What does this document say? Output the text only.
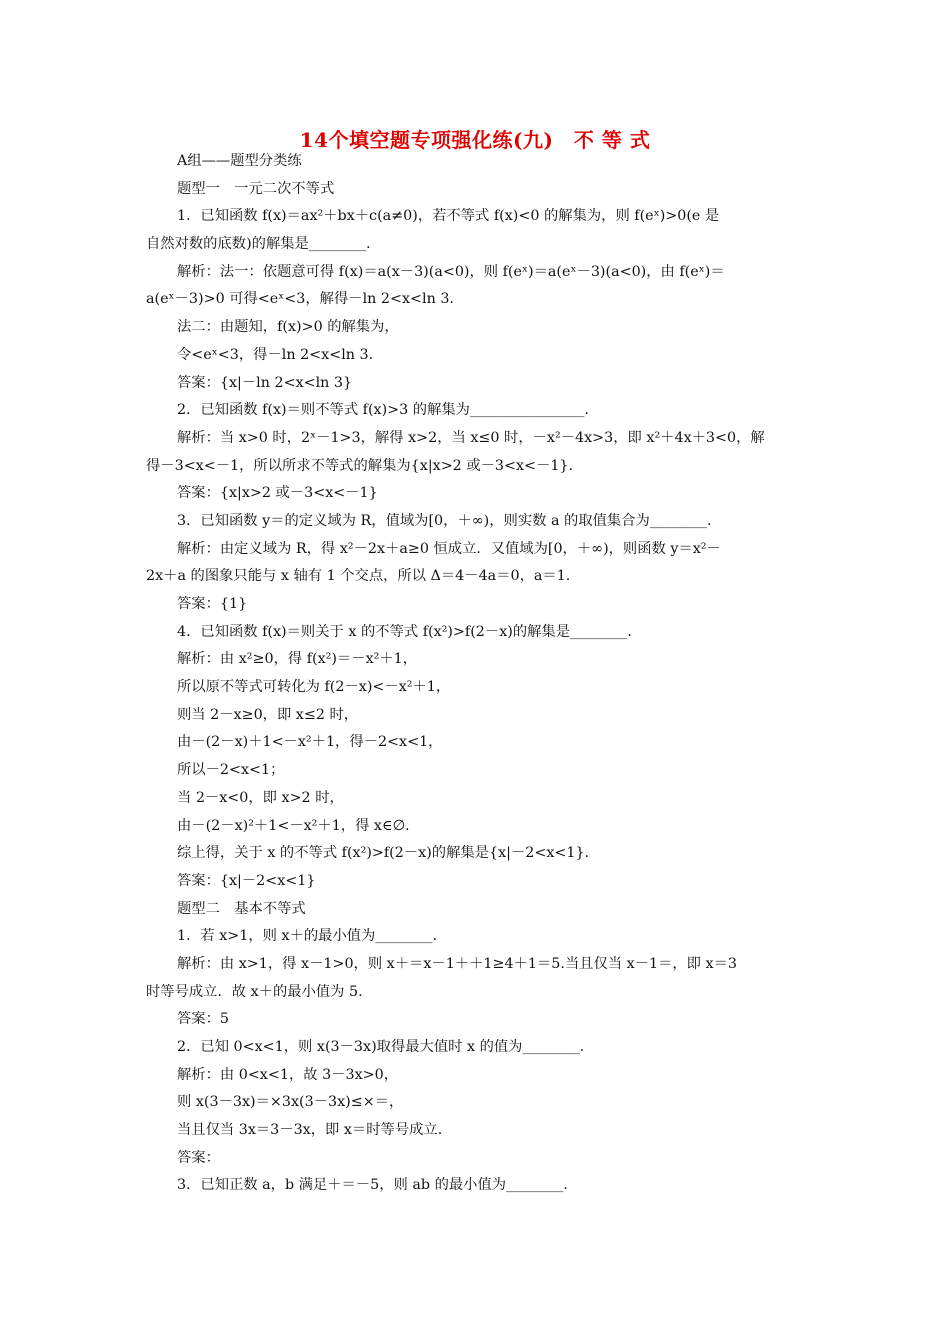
14个填空题专项强化练(九)　不 等 式
A组——题型分类练
题型一　一元二次不等式
1．已知函数 f(x)＝ax²＋bx＋c(a≠0)，若不等式 f(x)<0 的解集为，则 f(eˣ)>0(e 是
自然对数的底数)的解集是________.
解析：法一：依题意可得 f(x)＝a(x－3)(a<0)，则 f(eˣ)＝a(eˣ－3)(a<0)，由 f(eˣ)＝
a(eˣ－3)>0 可得<eˣ<3，解得－ln 2<x<ln 3.
法二：由题知，f(x)>0 的解集为，
令<eˣ<3，得－ln 2<x<ln 3.
答案：{x|－ln 2<x<ln 3}
2．已知函数 f(x)＝则不等式 f(x)>3 的解集为________________.
解析：当 x>0 时，2ˣ－1>3，解得 x>2，当 x≤0 时，－x²－4x>3，即 x²＋4x＋3<0，解
得－3<x<－1，所以所求不等式的解集为{x|x>2 或－3<x<－1}.
答案：{x|x>2 或－3<x<－1}
3．已知函数 y＝的定义域为 R，值域为[0，＋∞)，则实数 a 的取值集合为________.
解析：由定义域为 R，得 x²－2x＋a≥0 恒成立．又值域为[0，＋∞)，则函数 y＝x²－
2x＋a 的图象只能与 x 轴有 1 个交点，所以 Δ＝4－4a＝0，a＝1.
答案：{1}
4．已知函数 f(x)＝则关于 x 的不等式 f(x²)>f(2－x)的解集是________.
解析：由 x²≥0，得 f(x²)＝－x²＋1，
所以原不等式可转化为 f(2－x)<－x²＋1，
则当 2－x≥0，即 x≤2 时，
由－(2－x)＋1<－x²＋1，得－2<x<1，
所以－2<x<1；
当 2－x<0，即 x>2 时，
由－(2－x)²＋1<－x²＋1，得 x∈∅.
综上得，关于 x 的不等式 f(x²)>f(2－x)的解集是{x|－2<x<1}.
答案：{x|－2<x<1}
题型二　基本不等式
1．若 x>1，则 x＋的最小值为________.
解析：由 x>1，得 x－1>0，则 x＋＝x－1＋＋1≥4＋1＝5.当且仅当 x－1＝，即 x＝3
时等号成立．故 x＋的最小值为 5.
答案：5
2．已知 0<x<1，则 x(3－3x)取得最大值时 x 的值为________.
解析：由 0<x<1，故 3－3x>0，
则 x(3－3x)＝×3x(3－3x)≤×＝，
当且仅当 3x＝3－3x，即 x＝时等号成立.
答案：
3．已知正数 a，b 满足＋＝－5，则 ab 的最小值为________.
